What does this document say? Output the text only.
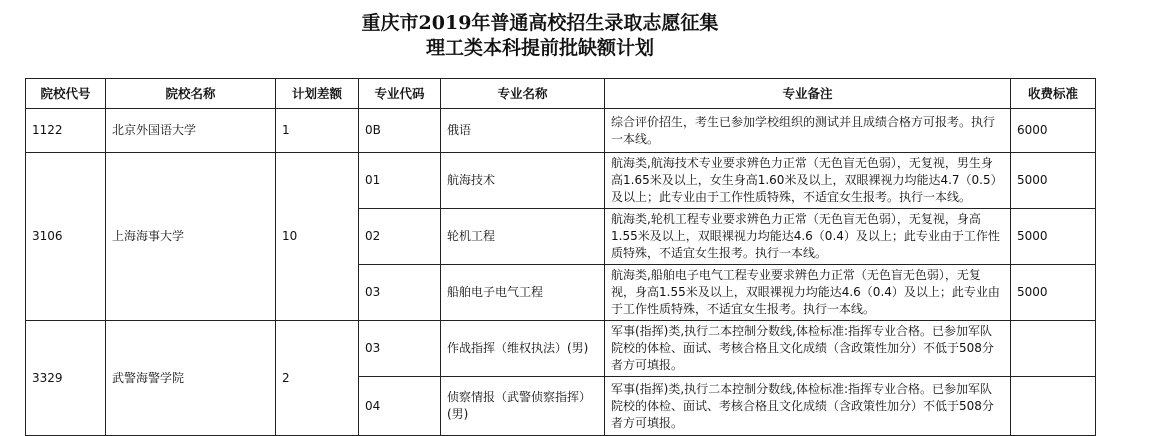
重庆市2019年普通高校招生录取志愿征集
理工类本科提前批缺额计划
院校代号	院校名称	计划差额	专业代码	专业名称	专业备注	收费标准
1122	北京外国语大学	1	0B	俄语	综合评价招生，考生已参加学校组织的测试并且成绩合格方可报考。执行一本线。	6000
3106	上海海事大学	10	01	航海技术	航海类,航海技术专业要求辨色力正常（无色盲无色弱），无复视，男生身高1.65米及以上，女生身高1.60米及以上，双眼裸视力均能达4.7（0.5）及以上；此专业由于工作性质特殊，不适宜女生报考。执行一本线。	5000
			02	轮机工程	航海类,轮机工程专业要求辨色力正常（无色盲无色弱），无复视，身高1.55米及以上，双眼裸视力均能达4.6（0.4）及以上；此专业由于工作性质特殊，不适宜女生报考。执行一本线。	5000
			03	船舶电子电气工程	航海类,船舶电子电气工程专业要求辨色力正常（无色盲无色弱），无复视，身高1.55米及以上，双眼裸视力均能达4.6（0.4）及以上；此专业由于工作性质特殊，不适宜女生报考。执行一本线。	5000
3329	武警海警学院	2	03	作战指挥（维权执法）(男)	军事(指挥)类,执行二本控制分数线,体检标准:指挥专业合格。已参加军队院校的体检、面试、考核合格且文化成绩（含政策性加分）不低于508分者方可填报。	
			04	侦察情报（武警侦察指挥）(男)	军事(指挥)类,执行二本控制分数线,体检标准:指挥专业合格。已参加军队院校的体检、面试、考核合格且文化成绩（含政策性加分）不低于508分者方可填报。	
